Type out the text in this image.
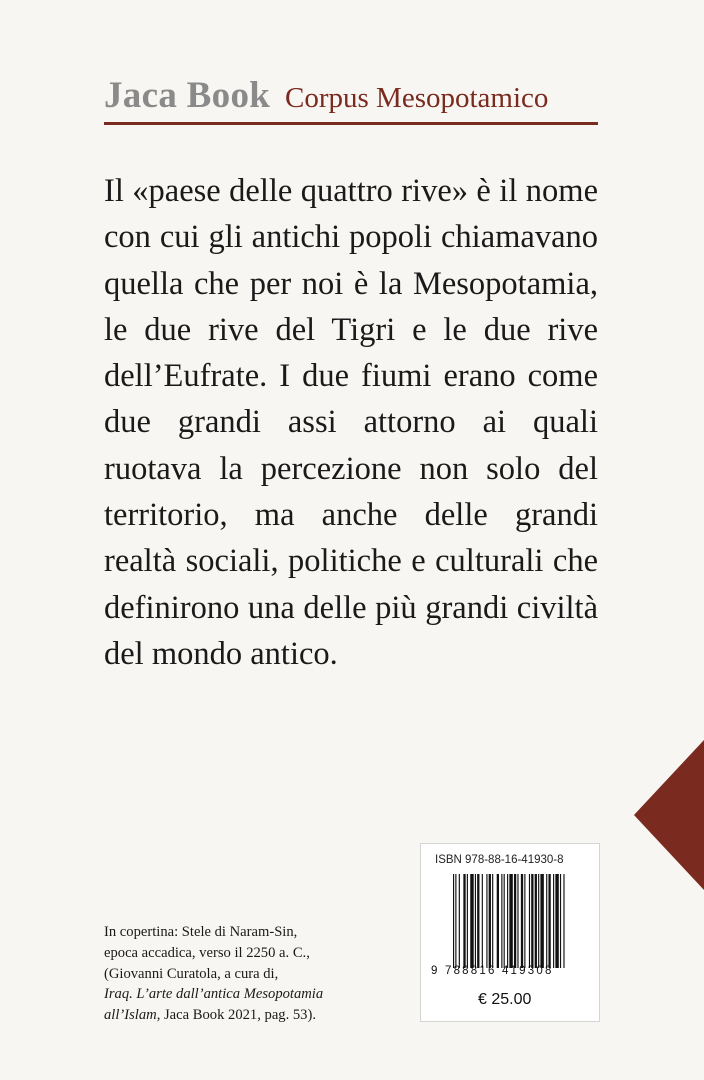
Jaca Book Corpus Mesopotamico

Il «paese delle quattro rive» è il nome con cui gli antichi popoli chiamavano quella che per noi è la Mesopotamia, le due rive del Tigri e le due rive dell’Eufrate. I due fiumi erano come due grandi assi attorno ai quali ruotava la percezione non solo del territorio, ma anche delle grandi realtà sociali, politiche e culturali che definirono una delle più grandi civiltà del mondo antico.

In copertina: Stele di Naram-Sin,
epoca accadica, verso il 2250 a. C.,
(Giovanni Curatola, a cura di,
Iraq. L’arte dall’antica Mesopotamia
all’Islam, Jaca Book 2021, pag. 53).
ISBN 978-88-16-41930-8
9 788816 419308
€ 25.00
